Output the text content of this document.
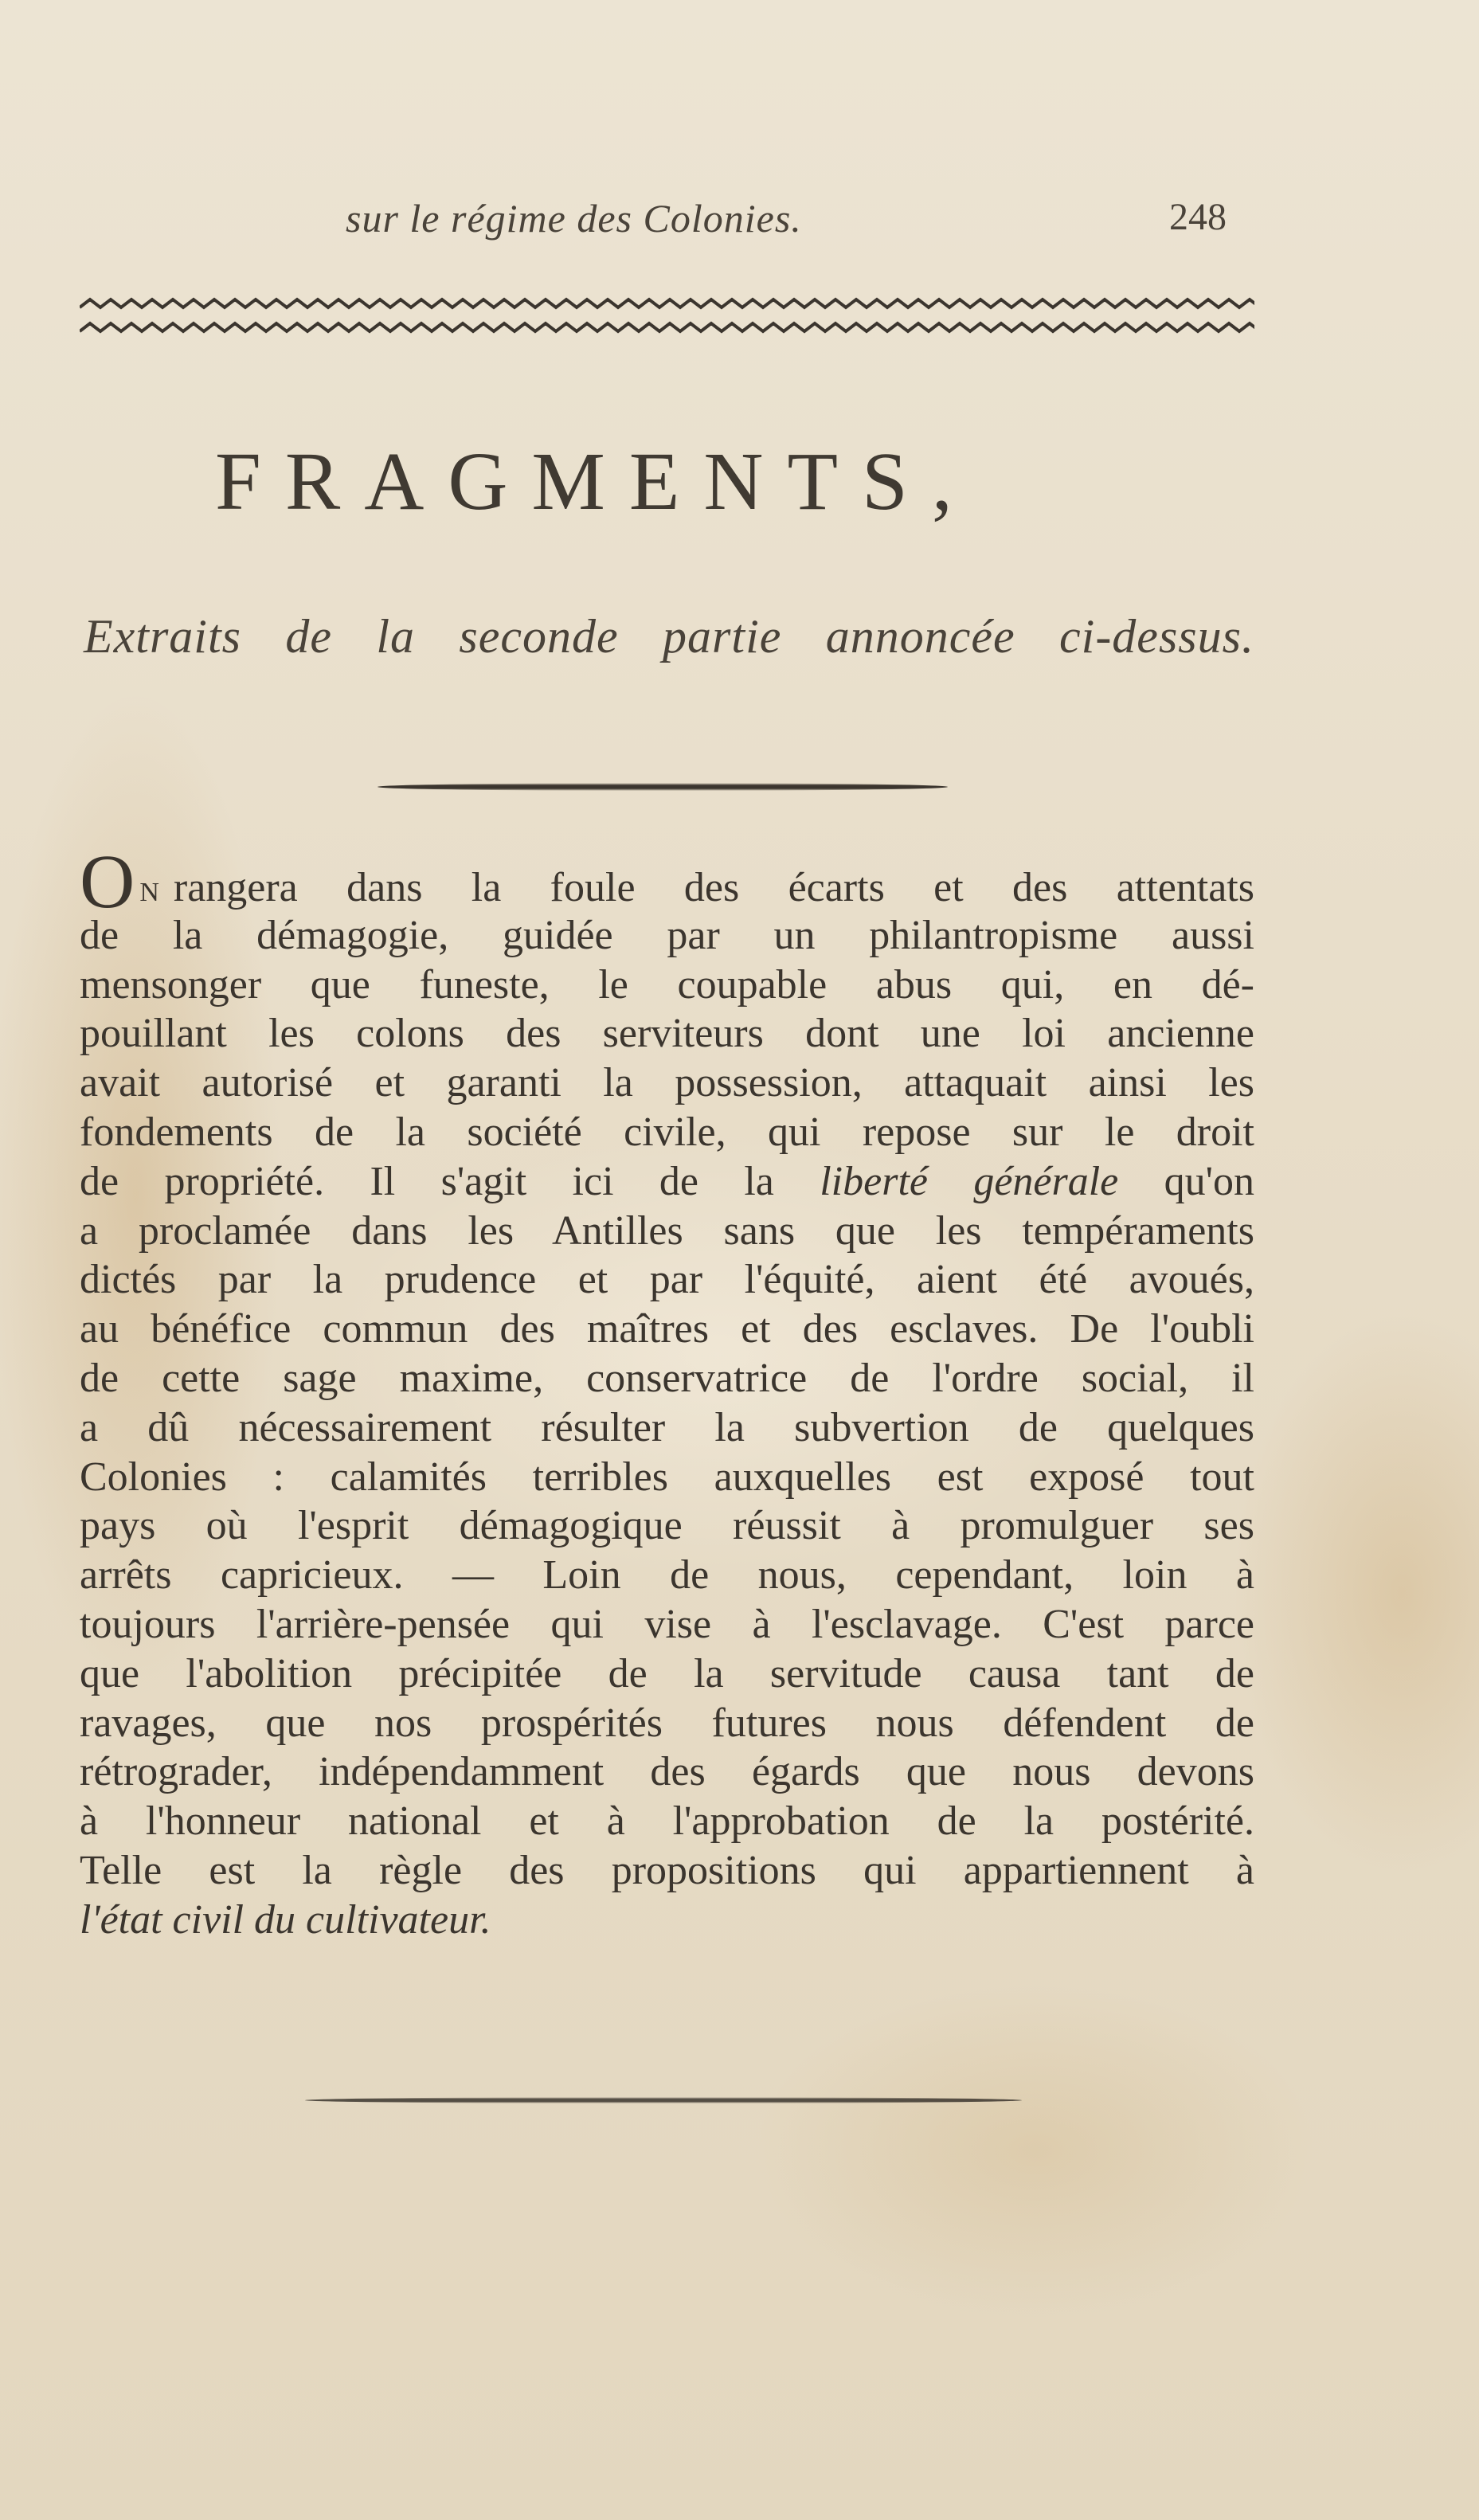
sur le régime des Colonies.	248
FRAGMENTS,
Extraits de la seconde partie annoncée ci-dessus.
O N rangera dans la foule des écarts et des attentats
de la démagogie, guidée par un philantropisme aussi
mensonger que funeste, le coupable abus qui, en dé-
pouillant les colons des serviteurs dont une loi ancienne
avait autorisé et garanti la possession, attaquait ainsi les
fondements de la société civile, qui repose sur le droit
de propriété. Il s'agit ici de la liberté générale qu'on
a proclamée dans les Antilles sans que les tempéraments
dictés par la prudence et par l'équité, aient été avoués,
au bénéfice commun des maîtres et des esclaves. De l'oubli
de cette sage maxime, conservatrice de l'ordre social, il
a dû nécessairement résulter la subvertion de quelques
Colonies : calamités terribles auxquelles est exposé tout
pays où l'esprit démagogique réussit à promulguer ses
arrêts capricieux. — Loin de nous, cependant, loin à
toujours l'arrière-pensée qui vise à l'esclavage. C'est parce
que l'abolition précipitée de la servitude causa tant de
ravages, que nos prospérités futures nous défendent de
rétrograder, indépendamment des égards que nous devons
à l'honneur national et à l'approbation de la postérité.
Telle est la règle des propositions qui appartiennent à
l'état civil du cultivateur.
